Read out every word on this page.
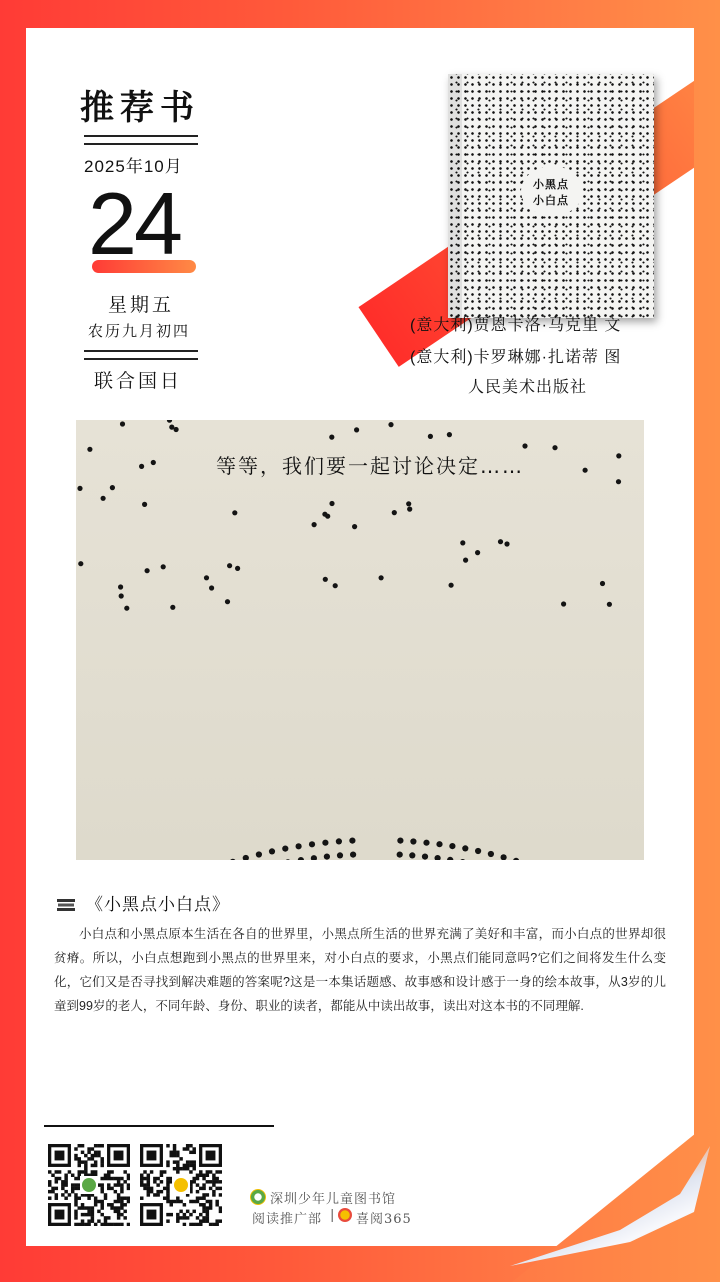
推荐书
2025年10月
24
星期五
农历九月初四
联合国日
小黑点
小白点
(意大利)贾恩卡洛·马克里 文
(意大利)卡罗琳娜·扎诺蒂 图
人民美术出版社
等等，我们要一起讨论决定……
《小黑点小白点》
小白点和小黑点原本生活在各自的世界里，小黑点所生活的世界充满了美好和丰富，而小白点的世界却很贫瘠。所以，小白点想跑到小黑点的世界里来，对小白点的要求，小黑点们能同意吗?它们之间将发生什么变化，它们又是否寻找到解决难题的答案呢?这是一本集话题感、故事感和设计感于一身的绘本故事，从3岁的儿童到99岁的老人，不同年龄、身份、职业的读者，都能从中读出故事，读出对这本书的不同理解.
深圳少年儿童图书馆
阅读推广部 | 喜阅365
